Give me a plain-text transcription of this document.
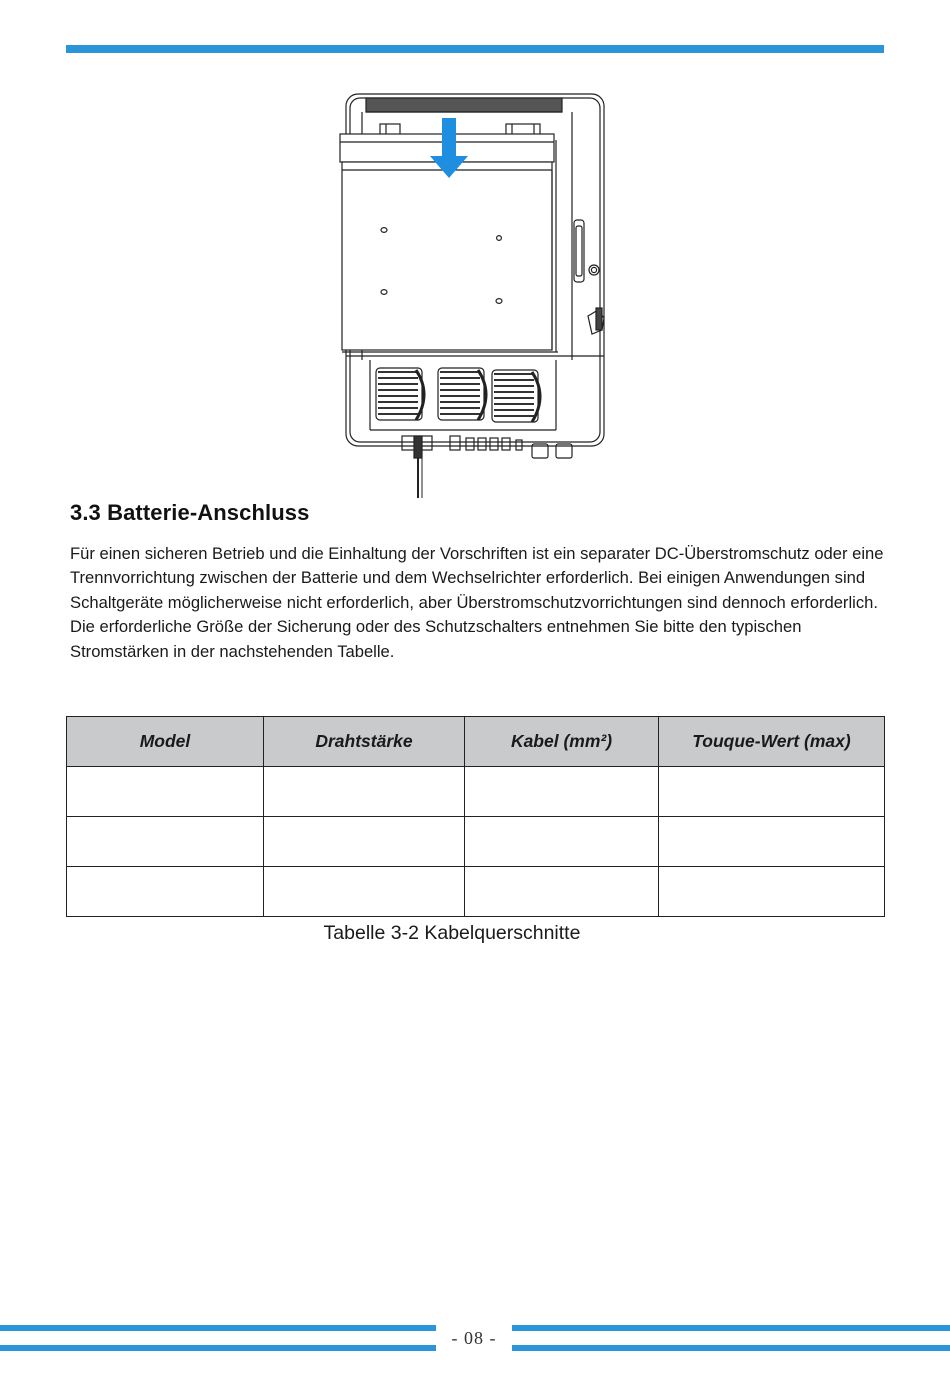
3.3 Batterie-Anschluss

Für einen sicheren Betrieb und die Einhaltung der Vorschriften ist ein separater DC-Überstromschutz oder eine Trennvorrichtung zwischen der Batterie und dem Wechselrichter erforderlich. Bei einigen Anwendungen sind Schaltgeräte möglicherweise nicht erforderlich, aber Überstromschutzvorrichtungen sind dennoch erforderlich. Die erforderliche Größe der Sicherung oder des Schutzschalters entnehmen Sie bitte den typischen Stromstärken in der nachstehenden Tabelle.

Model	Drahtstärke	Kabel (mm²)	Touque-Wert (max)

Tabelle 3-2 Kabelquerschnitte
- 08 -
